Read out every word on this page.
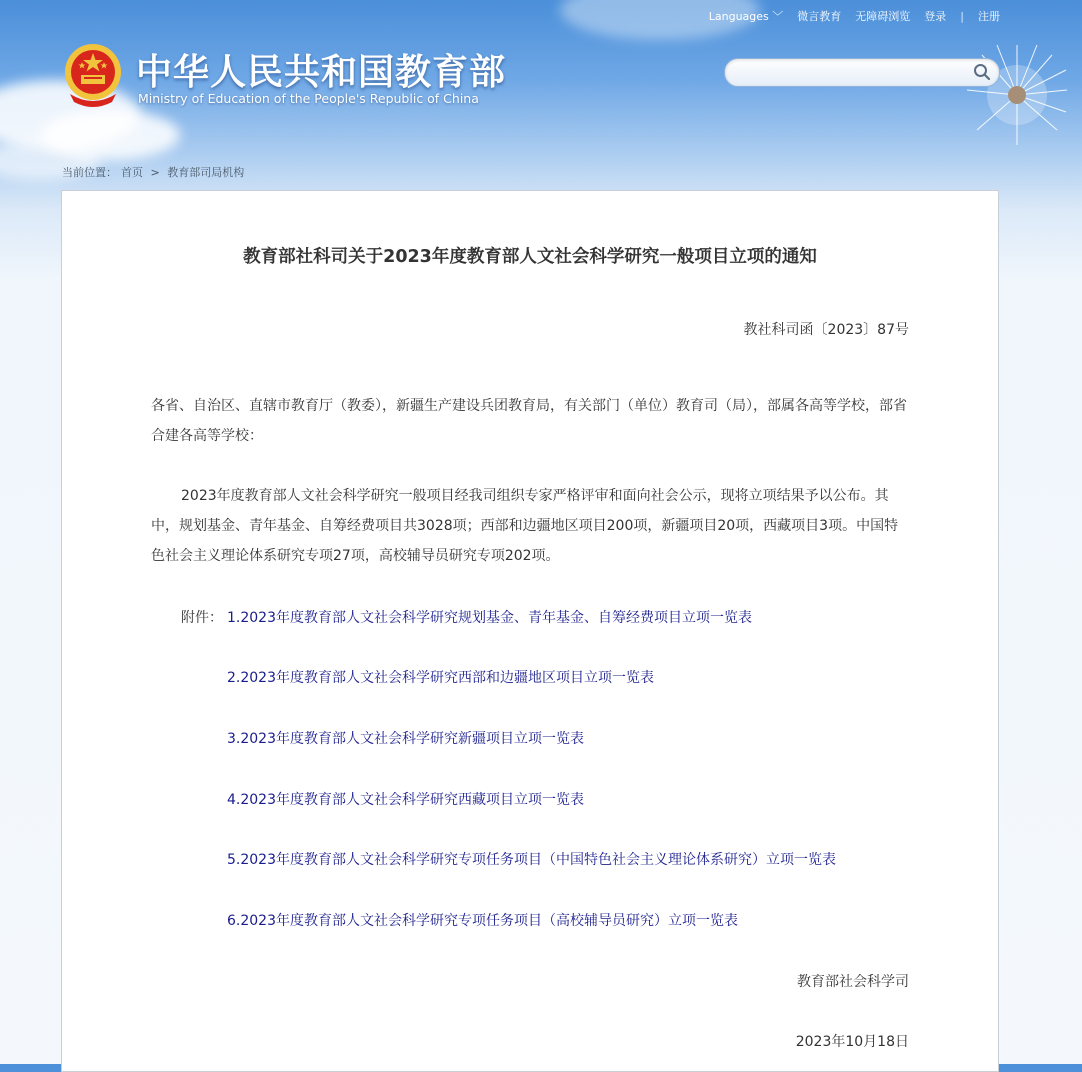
Languages ﹀ 微言教育 无障碍浏览 登录 | 注册
中华人民共和国教育部
Ministry of Education of the People's Republic of China
当前位置： 首页 > 教育部司局机构
教育部社科司关于2023年度教育部人文社会科学研究一般项目立项的通知
教社科司函〔2023〕87号

各省、自治区、直辖市教育厅（教委），新疆生产建设兵团教育局，有关部门（单位）教育司（局），部属各高等学校，部省合建各高等学校：

2023年度教育部人文社会科学研究一般项目经我司组织专家严格评审和面向社会公示，现将立项结果予以公布。其中，规划基金、青年基金、自筹经费项目共3028项；西部和边疆地区项目200项，新疆项目20项，西藏项目3项。中国特色社会主义理论体系研究专项27项，高校辅导员研究专项202项。

附件： 1.2023年度教育部人文社会科学研究规划基金、青年基金、自筹经费项目立项一览表
2.2023年度教育部人文社会科学研究西部和边疆地区项目立项一览表
3.2023年度教育部人文社会科学研究新疆项目立项一览表
4.2023年度教育部人文社会科学研究西藏项目立项一览表
5.2023年度教育部人文社会科学研究专项任务项目（中国特色社会主义理论体系研究）立项一览表
6.2023年度教育部人文社会科学研究专项任务项目（高校辅导员研究）立项一览表
教育部社会科学司
2023年10月18日
